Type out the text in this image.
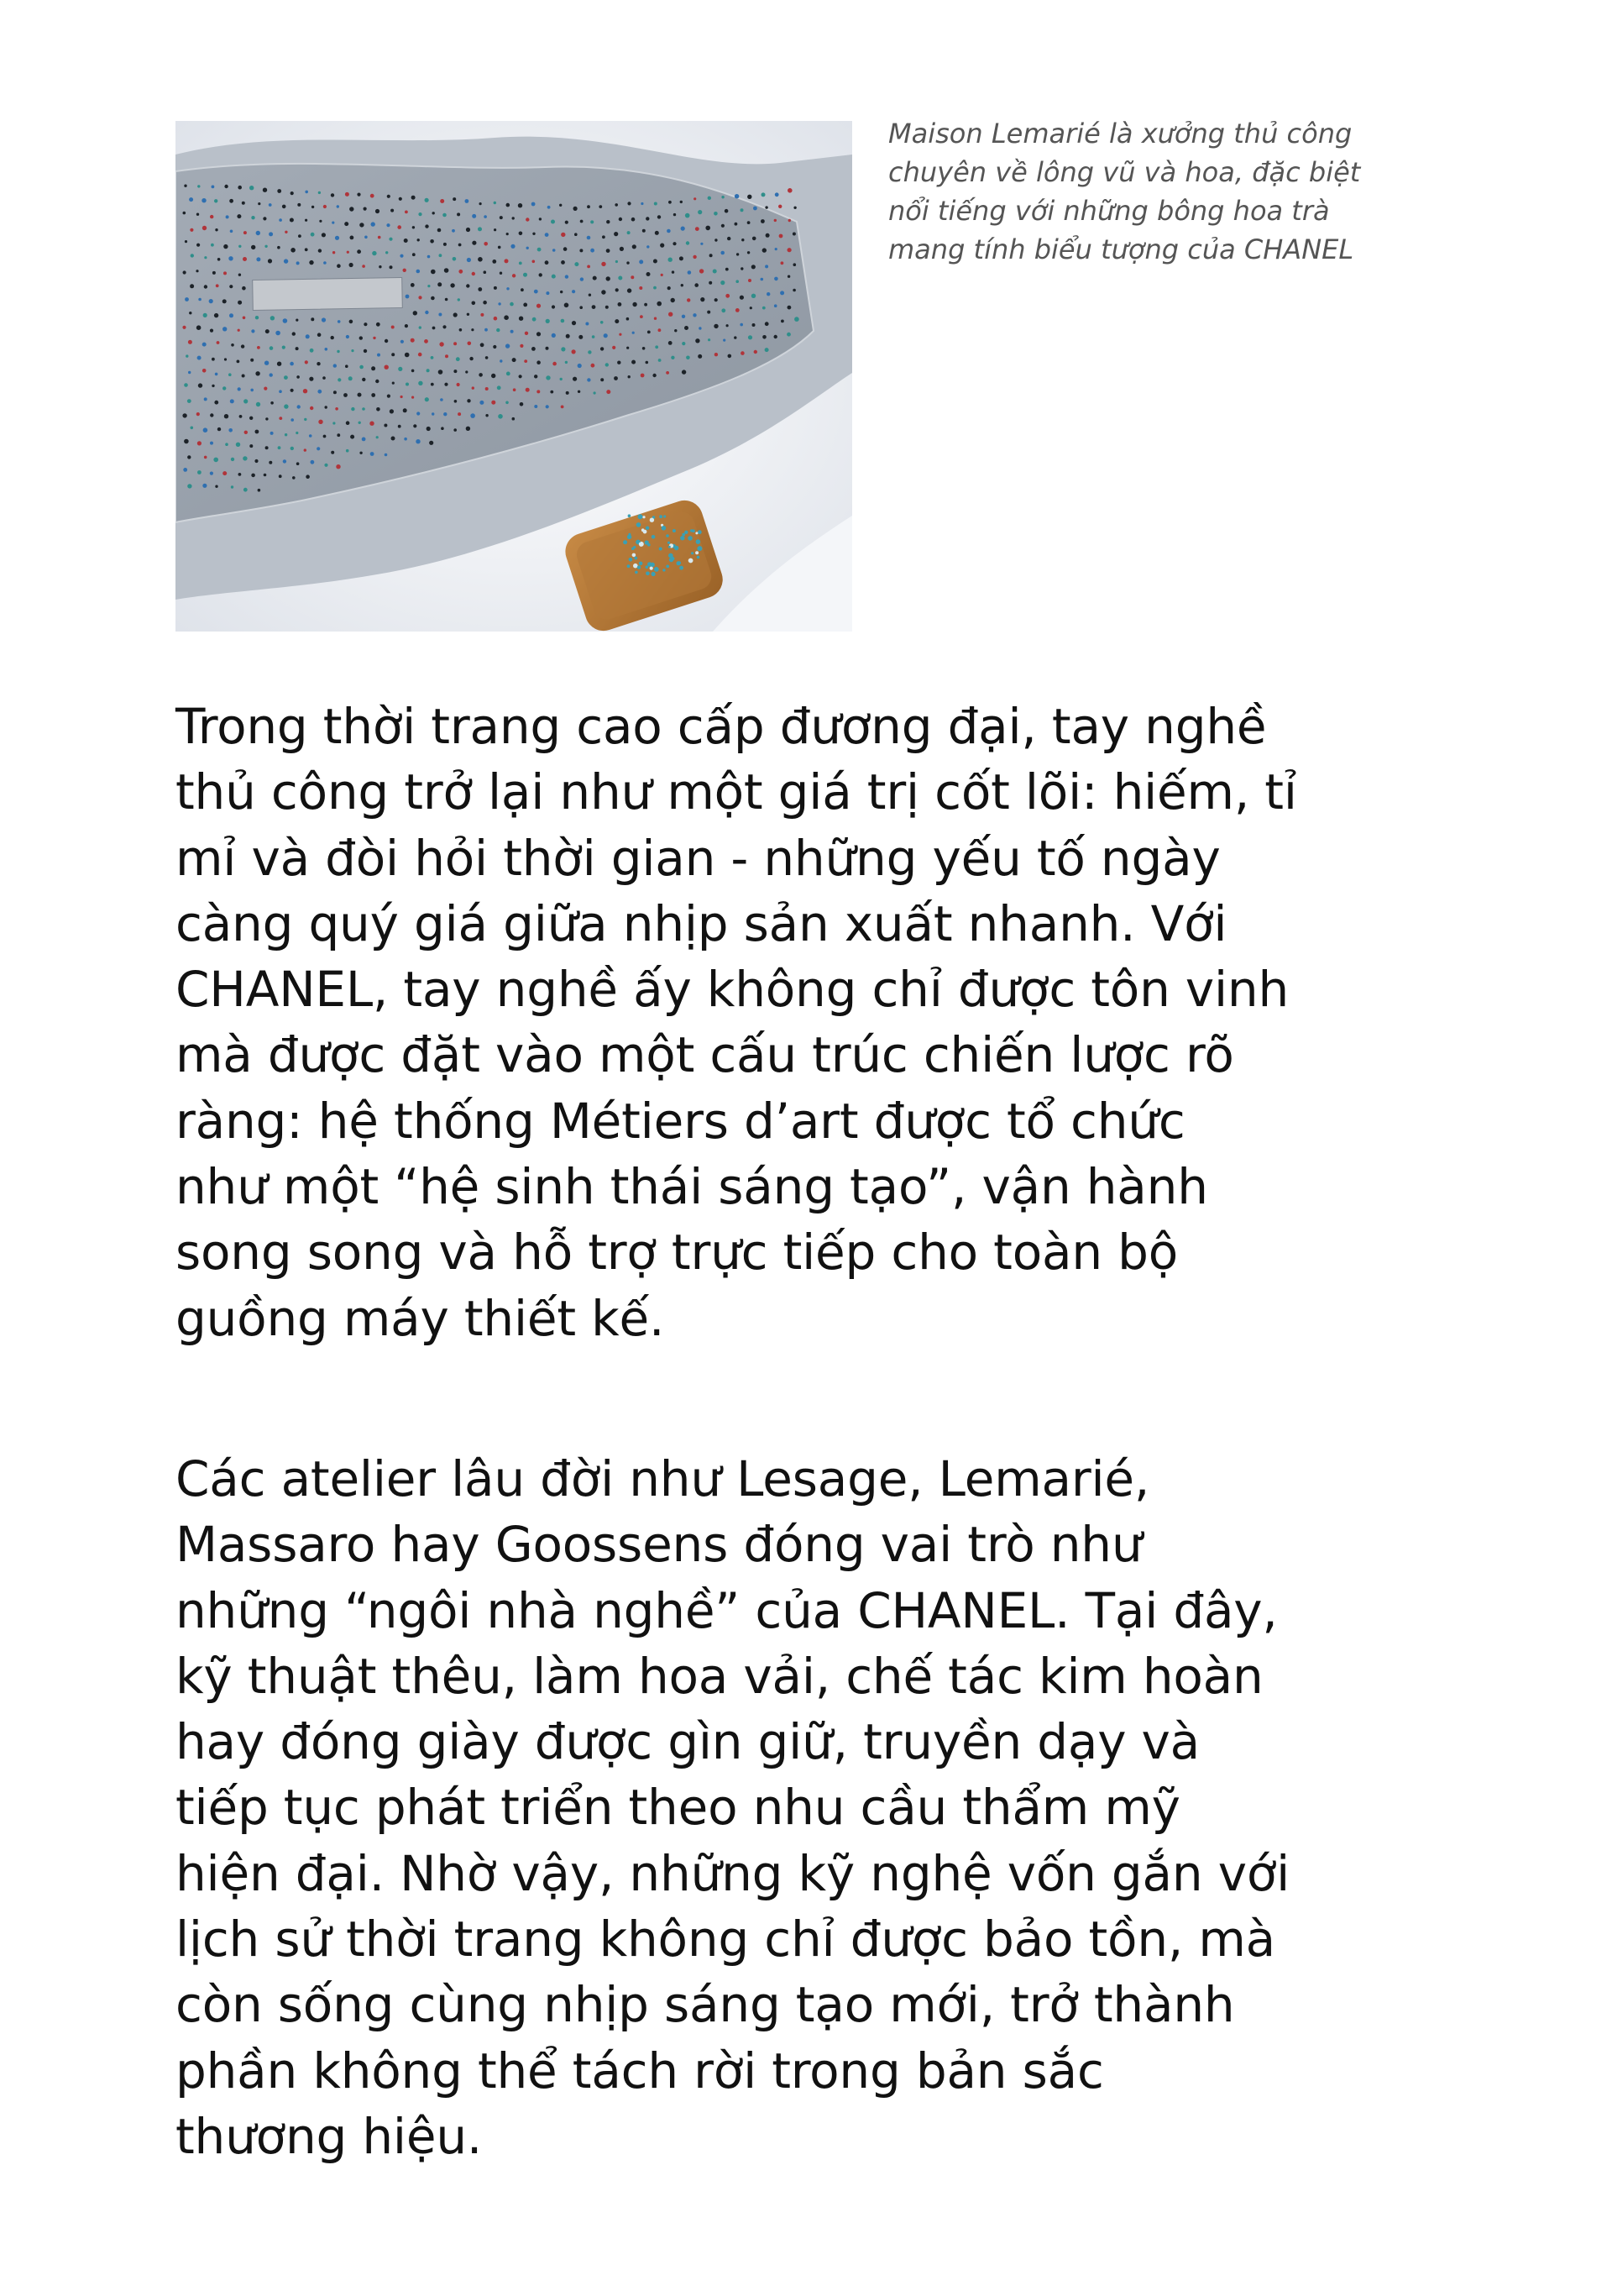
Maison Lemarié là xưởng thủ công
chuyên về lông vũ và hoa, đặc biệt
nổi tiếng với những bông hoa trà
mang tính biểu tượng của CHANEL

Trong thời trang cao cấp đương đại, tay nghề
thủ công trở lại như một giá trị cốt lõi: hiếm, tỉ
mỉ và đòi hỏi thời gian - những yếu tố ngày
càng quý giá giữa nhịp sản xuất nhanh. Với
CHANEL, tay nghề ấy không chỉ được tôn vinh
mà được đặt vào một cấu trúc chiến lược rõ
ràng: hệ thống Métiers d’art được tổ chức
như một “hệ sinh thái sáng tạo”, vận hành
song song và hỗ trợ trực tiếp cho toàn bộ
guồng máy thiết kế.

Các atelier lâu đời như Lesage, Lemarié,
Massaro hay Goossens đóng vai trò như
những “ngôi nhà nghề” của CHANEL. Tại đây,
kỹ thuật thêu, làm hoa vải, chế tác kim hoàn
hay đóng giày được gìn giữ, truyền dạy và
tiếp tục phát triển theo nhu cầu thẩm mỹ
hiện đại. Nhờ vậy, những kỹ nghệ vốn gắn với
lịch sử thời trang không chỉ được bảo tồn, mà
còn sống cùng nhịp sáng tạo mới, trở thành
phần không thể tách rời trong bản sắc
thương hiệu.
